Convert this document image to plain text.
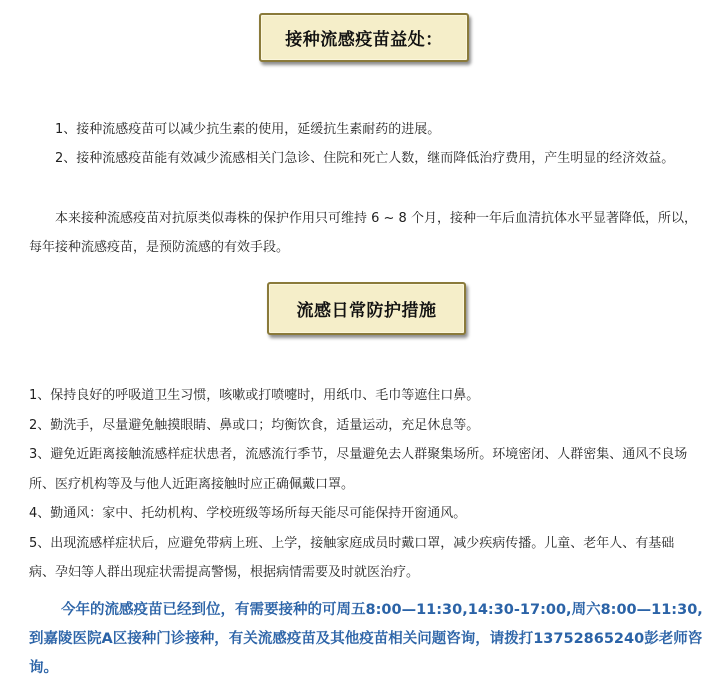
接种流感疫苗益处：

1、接种流感疫苗可以减少抗生素的使用，延缓抗生素耐药的进展。

2、接种流感疫苗能有效减少流感相关门急诊、住院和死亡人数，继而降低治疗费用，产生明显的经济效益。

本来接种流感疫苗对抗原类似毒株的保护作用只可维持 6 ~ 8 个月，接种一年后血清抗体水平显著降低，所以，每年接种流感疫苗，是预防流感的有效手段。

流感日常防护措施
1、保持良好的呼吸道卫生习惯，咳嗽或打喷嚏时，用纸巾、毛巾等遮住口鼻。
2、勤洗手，尽量避免触摸眼睛、鼻或口；均衡饮食，适量运动，充足休息等。
3、避免近距离接触流感样症状患者，流感流行季节，尽量避免去人群聚集场所。环境密闭、人群密集、通风不良场所、医疗机构等及与他人近距离接触时应正确佩戴口罩。
4、勤通风：家中、托幼机构、学校班级等场所每天能尽可能保持开窗通风。
5、出现流感样症状后，应避免带病上班、上学，接触家庭成员时戴口罩，减少疾病传播。儿童、老年人、有基础病、孕妇等人群出现症状需提高警惕，根据病情需要及时就医治疗。

今年的流感疫苗已经到位，有需要接种的可周五8:00—11:30,14:30-17:00,周六8:00—11:30,到嘉陵医院A区接种门诊接种，有关流感疫苗及其他疫苗相关问题咨询，请拨打13752865240彭老师咨询。
